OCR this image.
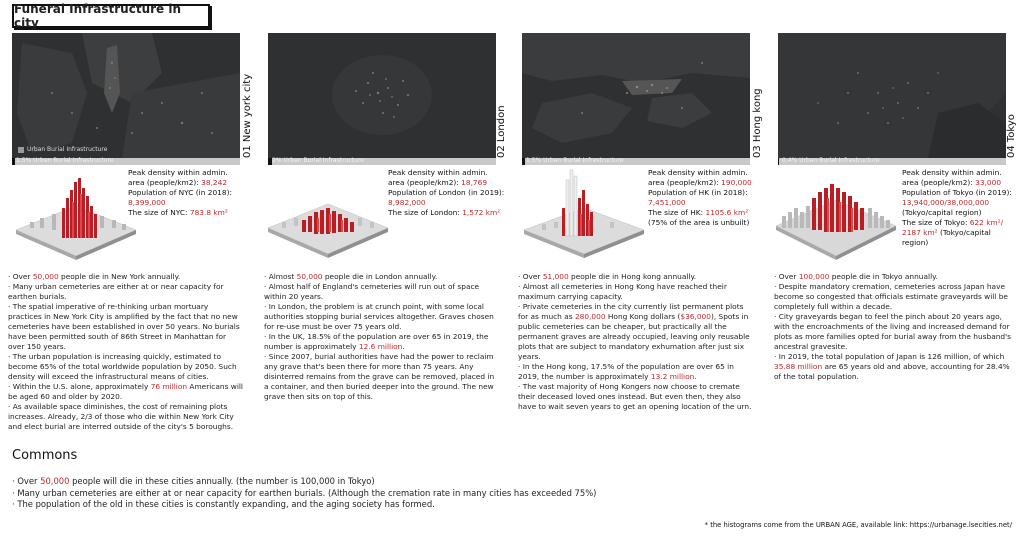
Funeral Infrastructure in city
Urban Burial Infrastructure	01 New york city
1.5% Urban Burial Infrastructure
Peak density within admin.
area (people/km2): 38,242
Population of NYC (in 2018):
8,399,000
The size of NYC: 783.8 km²

· Over 50,000 people die in New York annually.

· Many urban cemeteries are either at or near capacity for earthen burials.

· The spatial imperative of re-thinking urban mortuary practices in New York City is amplified by the fact that no new cemeteries have been established in over 50 years. No burials have been permitted south of 86th Street in Manhattan for over 150 years.

· The urban population is increasing quickly, estimated to become 65% of the total worldwide population by 2050. Such density will exceed the infrastructural means of cities.

· Within the U.S. alone, approximately 76 million Americans will be aged 60 and older by 2020.

· As available space diminishes, the cost of remaining plots increases. Already, 2/3 of those who die within New York City and elect burial are interred outside of the city's 5 boroughs.

02 London
2% Urban Burial Infrastructure
Peak density within admin.
area (people/km2): 18,769
Population of London (in 2019):
8,982,000
The size of London: 1,572 km²

· Almost 50,000 people die in London annually.

· Almost half of England's cemeteries will run out of space within 20 years.

· In London, the problem is at crunch point, with some local authorities stopping burial services altogether. Graves chosen for re-use must be over 75 years old.

· In the UK, 18.5% of the population are over 65 in 2019, the number is approximately 12.6 million.

· Since 2007, burial authorities have had the power to reclaim any grave that's been there for more than 75 years. Any disinterred remains from the grave can be removed, placed in a container, and then buried deeper into the ground. The new grave then sits on top of this.

03 Hong kong
1.5% Urban Burial Infrastructure
Peak density within admin.
area (people/km2): 190,000
Population of HK (in 2018):
7,451,000
The size of HK: 1105.6 km²
(75% of the area is unbuilt)

· Over 51,000 people die in Hong kong annually.

· Almost all cemeteries in Hong Kong have reached their maximum carrying capacity.

· Private cemeteries in the city currently list permanent plots for as much as 280,000 Hong Kong dollars ($36,000), Spots in public cemeteries can be cheaper, but practically all the permanent graves are already occupied, leaving only reusable plots that are subject to mandatory exhumation after just six years.

· In the Hong kong, 17.5% of the population are over 65 in 2019, the number is approximately 13.2 million.

· The vast majority of Hong Kongers now choose to cremate their deceased loved ones instead. But even then, they also have to wait seven years to get an opening location of the urn.

04 Tokyo
0.4% Urban Burial Infrastructure
Peak density within admin.
area (people/km2): 33,000
Population of Tokyo (in 2019):
13,940,000/38,000,000 (Tokyo/capital region)
The size of Tokyo: 622 km²/ 2187 km² (Tokyo/capital region)

· Over 100,000 people die in Tokyo annually.

· Despite mandatory cremation, cemeteries across Japan have become so congested that officials estimate graveyards will be completely full within a decade.

· City graveyards began to feel the pinch about 20 years ago, with the encroachments of the living and increased demand for plots as more families opted for burial away from the husband's ancestral gravesite.

· In 2019, the total population of Japan is 126 million, of which 35.88 million are 65 years old and above, accounting for 28.4% of the total population.

Commons

· Over 50,000 people will die in these cities annually. (the number is 100,000 in Tokyo)

· Many urban cemeteries are either at or near capacity for earthen burials. (Although the cremation rate in many cities has exceeded 75%)

· The population of the old in these cities is constantly expanding, and the aging society has formed.

* the histograms come from the URBAN AGE, available link: https://urbanage.lsecities.net/
